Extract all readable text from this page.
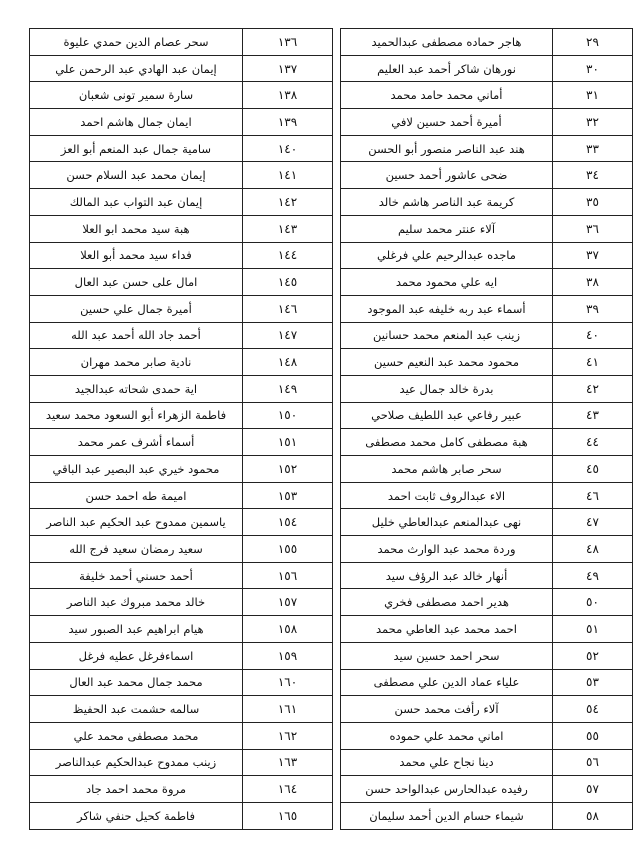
سحر عصام الدين حمدي عليوة	١٣٦		هاجر حماده مصطفى عبدالحميد	٢٩
إيمان عبد الهادي عبد الرحمن علي	١٣٧		نورهان شاكر أحمد عبد العليم	٣٠
سارة سمير تونى شعبان	١٣٨		أماني محمد حامد محمد	٣١
ايمان جمال هاشم احمد	١٣٩		أميرة أحمد حسين لافي	٣٢
سامية جمال عبد المنعم أبو العز	١٤٠		هند عبد الناصر منصور أبو الحسن	٣٣
إيمان محمد عبد السلام حسن	١٤١		ضحى عاشور أحمد حسين	٣٤
إيمان عبد التواب عبد المالك	١٤٢		كريمة عبد الناصر هاشم خالد	٣٥
هبة سيد محمد ابو العلا	١٤٣		آلاء عنتر محمد سليم	٣٦
فداء سيد محمد أبو العلا	١٤٤		ماجده عبدالرحيم علي فرغلي	٣٧
امال على حسن عبد العال	١٤٥		ايه علي محمود محمد	٣٨
أميرة جمال علي حسين	١٤٦		أسماء عبد ربه خليفه عبد الموجود	٣٩
أحمد جاد الله أحمد عبد الله	١٤٧		زينب عبد المنعم محمد حسانين	٤٠
نادية صابر محمد مهران	١٤٨		محمود محمد عبد النعيم حسين	٤١
اية حمدى شحاته عبدالجيد	١٤٩		بدرة خالد جمال عيد	٤٢
فاطمة الزهراء أبو السعود محمد سعيد	١٥٠		عبير رفاعي عبد اللطيف صلاحي	٤٣
أسماء أشرف عمر محمد	١٥١		هبة مصطفى كامل محمد مصطفى	٤٤
محمود خيري عبد البصير عبد الباقي	١٥٢		سحر صابر هاشم محمد	٤٥
اميمة طه احمد حسن	١٥٣		الاء عبدالروف ثابت احمد	٤٦
ياسمين ممدوح عبد الحكيم عبد الناصر	١٥٤		نهى عبدالمنعم عبدالعاطي خليل	٤٧
سعيد رمضان سعيد فرج الله	١٥٥		وردة محمد عبد الوارث محمد	٤٨
أحمد حسني أحمد خليفة	١٥٦		أنهار خالد عبد الرؤف سيد	٤٩
خالد محمد مبروك عبد الناصر	١٥٧		هدير احمد مصطفى فخري	٥٠
هيام ابراهيم عبد الصبور سيد	١٥٨		احمد محمد عبد العاطي محمد	٥١
اسماءفرغل عطيه فرغل	١٥٩		سحر احمد حسين سيد	٥٢
محمد جمال محمد عبد العال	١٦٠		علياء عماد الدين علي مصطفى	٥٣
سالمه حشمت عبد الحفيظ	١٦١		آلاء رأفت محمد حسن	٥٤
محمد مصطفى محمد علي	١٦٢		اماني محمد علي حموده	٥٥
زينب ممدوح عبدالحكيم عبدالناصر	١٦٣		دينا نجاح علي محمد	٥٦
مروة محمد احمد جاد	١٦٤		رفيده عبدالحارس عبدالواحد حسن	٥٧
فاطمة كحيل حنفي شاكر	١٦٥		شيماء حسام الدين أحمد سليمان	٥٨
